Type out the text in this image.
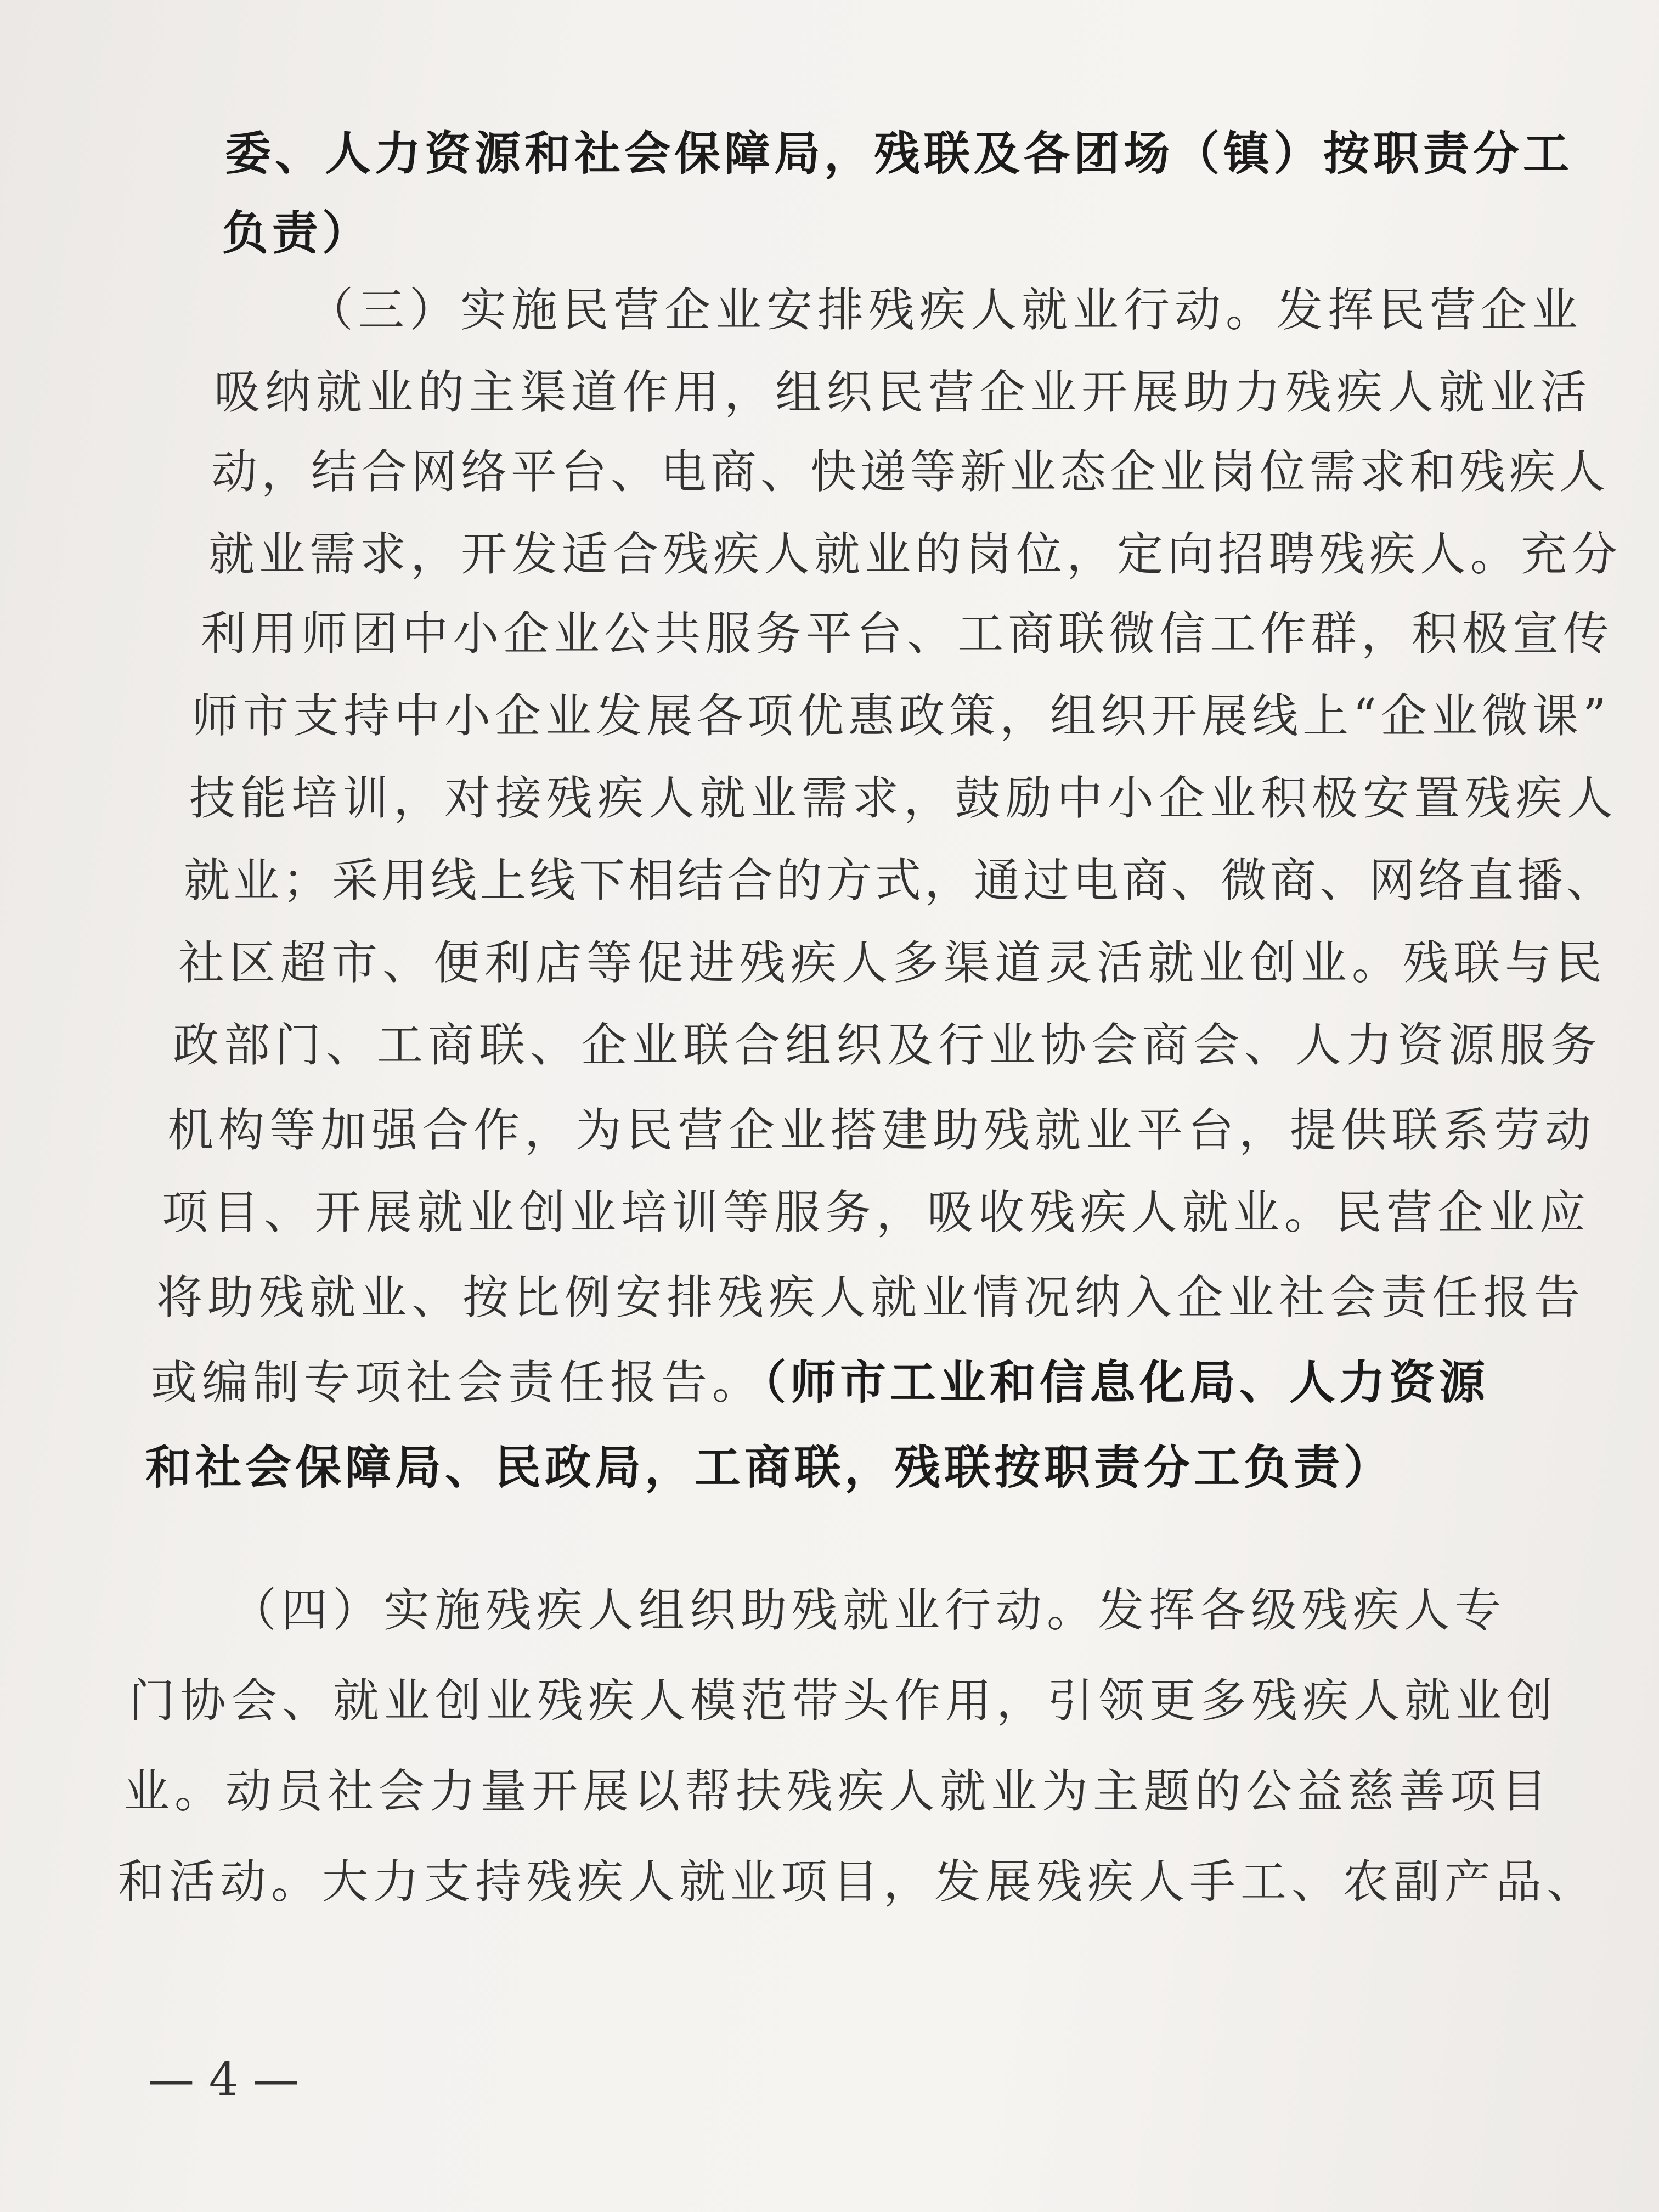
委、人力资源和社会保障局，残联及各团场（镇）按职责分工
负责）
（三）实施民营企业安排残疾人就业行动。发挥民营企业
吸纳就业的主渠道作用，组织民营企业开展助力残疾人就业活
动，结合网络平台、电商、快递等新业态企业岗位需求和残疾人
就业需求，开发适合残疾人就业的岗位，定向招聘残疾人。充分
利用师团中小企业公共服务平台、工商联微信工作群，积极宣传
师市支持中小企业发展各项优惠政策，组织开展线上“企业微课”
技能培训，对接残疾人就业需求，鼓励中小企业积极安置残疾人
就业；采用线上线下相结合的方式，通过电商、微商、网络直播、
社区超市、便利店等促进残疾人多渠道灵活就业创业。残联与民
政部门、工商联、企业联合组织及行业协会商会、人力资源服务
机构等加强合作，为民营企业搭建助残就业平台，提供联系劳动
项目、开展就业创业培训等服务，吸收残疾人就业。民营企业应
将助残就业、按比例安排残疾人就业情况纳入企业社会责任报告
或编制专项社会责任报告。（师市工业和信息化局、人力资源
和社会保障局、民政局，工商联，残联按职责分工负责）
（四）实施残疾人组织助残就业行动。发挥各级残疾人专
门协会、就业创业残疾人模范带头作用，引领更多残疾人就业创
业。动员社会力量开展以帮扶残疾人就业为主题的公益慈善项目
和活动。大力支持残疾人就业项目，发展残疾人手工、农副产品、
— 4 —
